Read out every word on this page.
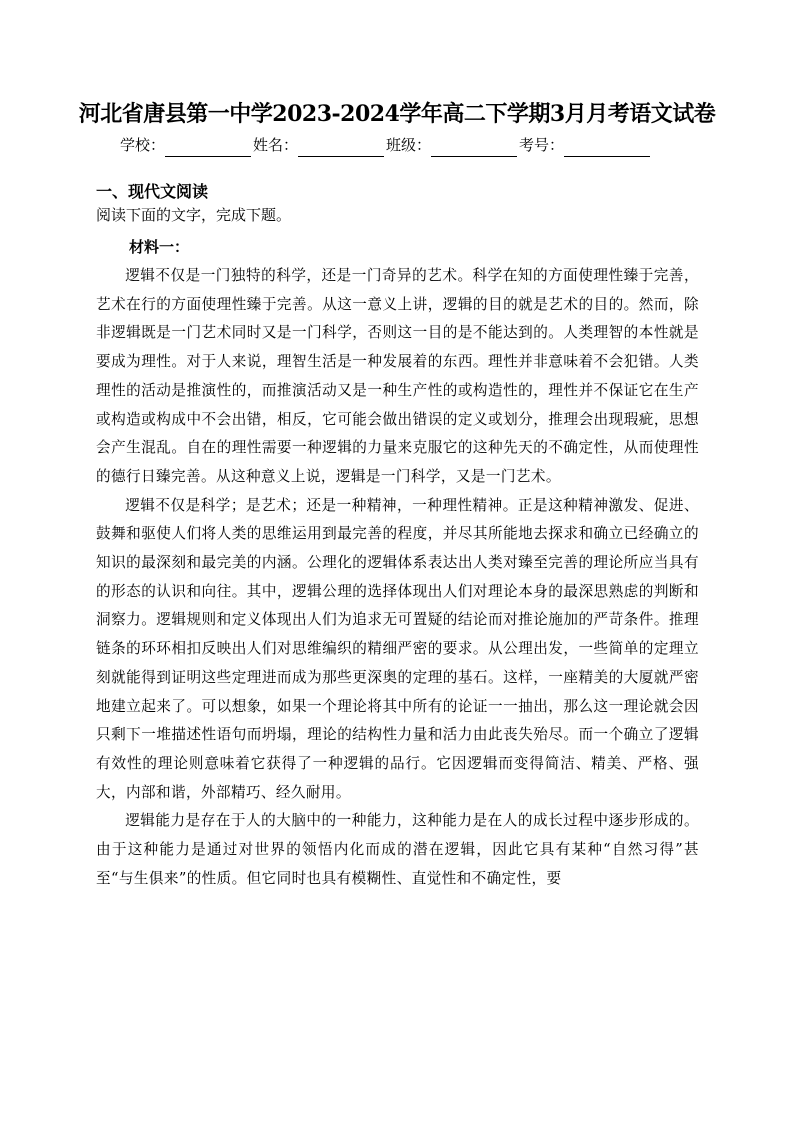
河北省唐县第一中学2023-2024学年高二下学期3月月考语文试卷
学校：	姓名：	班级：	考号：
一、现代文阅读
阅读下面的文字，完成下题。
材料一：

逻辑不仅是一门独特的科学，还是一门奇异的艺术。科学在知的方面使理性臻于完善，艺术在行的方面使理性臻于完善。从这一意义上讲，逻辑的目的就是艺术的目的。然而，除非逻辑既是一门艺术同时又是一门科学，否则这一目的是不能达到的。人类理智的本性就是要成为理性。对于人来说，理智生活是一种发展着的东西。理性并非意味着不会犯错。人类理性的活动是推演性的，而推演活动又是一种生产性的或构造性的，理性并不保证它在生产或构造或构成中不会出错，相反，它可能会做出错误的定义或划分，推理会出现瑕疵，思想会产生混乱。自在的理性需要一种逻辑的力量来克服它的这种先天的不确定性，从而使理性的德行日臻完善。从这种意义上说，逻辑是一门科学，又是一门艺术。

逻辑不仅是科学；是艺术；还是一种精神，一种理性精神。正是这种精神激发、促进、鼓舞和驱使人们将人类的思维运用到最完善的程度，并尽其所能地去探求和确立已经确立的知识的最深刻和最完美的内涵。公理化的逻辑体系表达出人类对臻至完善的理论所应当具有的形态的认识和向往。其中，逻辑公理的选择体现出人们对理论本身的最深思熟虑的判断和洞察力。逻辑规则和定义体现出人们为追求无可置疑的结论而对推论施加的严苛条件。推理链条的环环相扣反映出人们对思维编织的精细严密的要求。从公理出发，一些简单的定理立刻就能得到证明这些定理进而成为那些更深奥的定理的基石。这样，一座精美的大厦就严密地建立起来了。可以想象，如果一个理论将其中所有的论证一一抽出，那么这一理论就会因只剩下一堆描述性语句而坍塌，理论的结构性力量和活力由此丧失殆尽。而一个确立了逻辑有效性的理论则意味着它获得了一种逻辑的品行。它因逻辑而变得简洁、精美、严格、强大，内部和谐，外部精巧、经久耐用。

逻辑能力是存在于人的大脑中的一种能力，这种能力是在人的成长过程中逐步形成的。由于这种能力是通过对世界的领悟内化而成的潜在逻辑，因此它具有某种“自然习得”甚至“与生俱来”的性质。但它同时也具有模糊性、直觉性和不确定性，要
